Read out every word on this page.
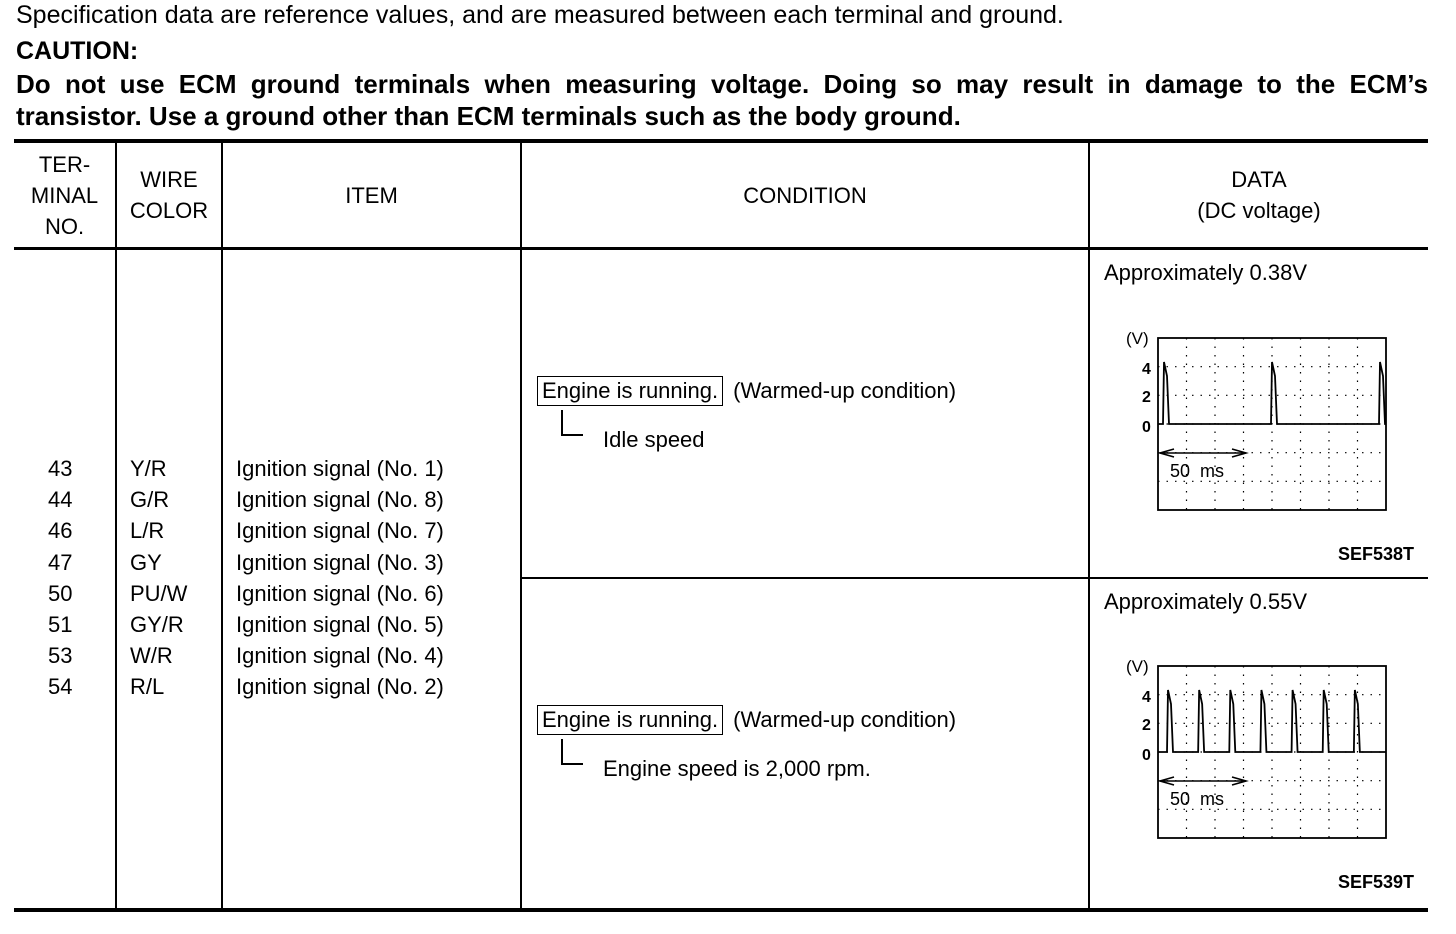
Specification data are reference values, and are measured between each terminal and ground.
CAUTION:
Do not use ECM ground terminals when measuring voltage. Doing so may result in damage to the ECM’s transistor. Use a ground other than ECM terminals such as the body ground.
TER-
MINAL
NO.
WIRE
COLOR
ITEM	CONDITION
DATA
(DC voltage)
43
44
46
47
50
51
53
54
Y/R
G/R
L/R
GY
PU/W
GY/R
W/R
R/L
Ignition signal (No. 1)
Ignition signal (No. 8)
Ignition signal (No. 7)
Ignition signal (No. 3)
Ignition signal (No. 6)
Ignition signal (No. 5)
Ignition signal (No. 4)
Ignition signal (No. 2)
Engine is running. (Warmed-up condition)
Idle speed
Approximately 0.38V
(V)
4
2
0
50  ms
SEF538T
Engine is running. (Warmed-up condition)
Engine speed is 2,000 rpm.
Approximately 0.55V
(V)
4
2
0
50  ms
SEF539T
